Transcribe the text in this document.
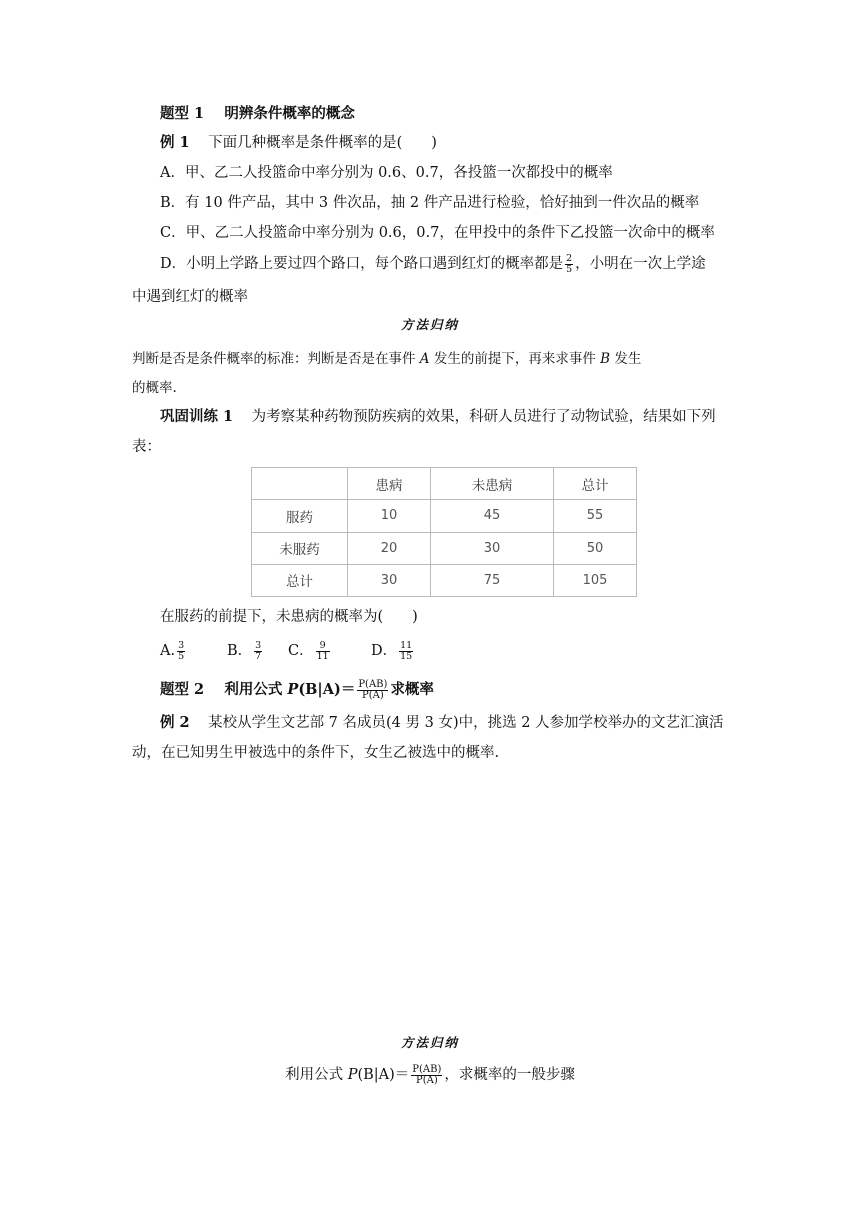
题型 1 明辨条件概率的概念
例 1 下面几种概率是条件概率的是(　　)
A．甲、乙二人投篮命中率分别为 0.6、0.7，各投篮一次都投中的概率
B．有 10 件产品，其中 3 件次品，抽 2 件产品进行检验，恰好抽到一件次品的概率
C．甲、乙二人投篮命中率分别为 0.6，0.7，在甲投中的条件下乙投篮一次命中的概率
D．小明上学路上要过四个路口，每个路口遇到红灯的概率都是 $\frac{2}{5}$ ，小明在一次上学途
中遇到红灯的概率
方法归纳
判断是否是条件概率的标准：判断是否是在事件 A 发生的前提下，再来求事件 B 发生
的概率.
巩固训练 1 为考察某种药物预防疾病的效果，科研人员进行了动物试验，结果如下列
表：
	患病	未患病	总计
服药	10	45	55
未服药	20	30	50
总计	30	75	105
在服药的前提下，未患病的概率为(　　)
A. $\frac{3}{5}$	B． $\frac{3}{7}$ C． $\frac{9}{11}$	D． $\frac{11}{15}$
题型 2 利用公式 $P(B|A)= \frac{P(AB)}{P(A)}$ 求概率
例 2 某校从学生文艺部 7 名成员(4 男 3 女)中，挑选 2 人参加学校举办的文艺汇演活
动，在已知男生甲被选中的条件下，女生乙被选中的概率.
方法归纳
利用公式 $P(B|A)= \frac{P(AB)}{P(A)}$ ，求概率的一般步骤
